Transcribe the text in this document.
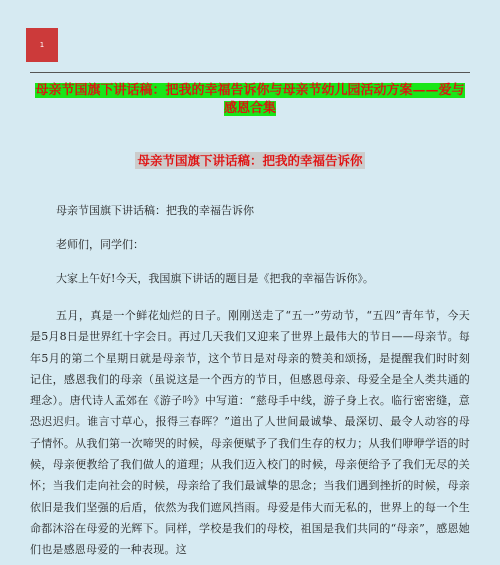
1
母亲节国旗下讲话稿：把我的幸福告诉你与母亲节幼儿园活动方案——爱与感恩合集
母亲节国旗下讲话稿：把我的幸福告诉你

母亲节国旗下讲话稿：把我的幸福告诉你

老师们，同学们：

大家上午好!今天，我国旗下讲话的题目是《把我的幸福告诉你》。

五月，真是一个鲜花灿烂的日子。刚刚送走了“五一”劳动节，“五四”青年节，今天是5月8日是世界红十字会日。再过几天我们又迎来了世界上最伟大的节日——母亲节。每年5月的第二个星期日就是母亲节，这个节日是对母亲的赞美和颂扬，是提醒我们时时刻记住，感恩我们的母亲（虽说这是一个西方的节日，但感恩母亲、母爱全是全人类共通的理念）。唐代诗人孟郊在《游子吟》中写道：“慈母手中线，游子身上衣。临行密密缝，意恐迟迟归。谁言寸草心，报得三春晖？”道出了人世间最诚挚、最深切、最令人动容的母子情怀。从我们第一次啼哭的时候，母亲便赋予了我们生存的权力；从我们咿咿学语的时候，母亲便教给了我们做人的道理；从我们迈入校门的时候，母亲便给予了我们无尽的关怀；当我们走向社会的时候，母亲给了我们最诚挚的思念；当我们遇到挫折的时候，母亲依旧是我们坚强的后盾，依然为我们遮风挡雨。母爱是伟大而无私的，世界上的每一个生命都沐浴在母爱的光辉下。同样，学校是我们的母校，祖国是我们共同的“母亲”，感恩她们也是感恩母爱的一种表现。这
